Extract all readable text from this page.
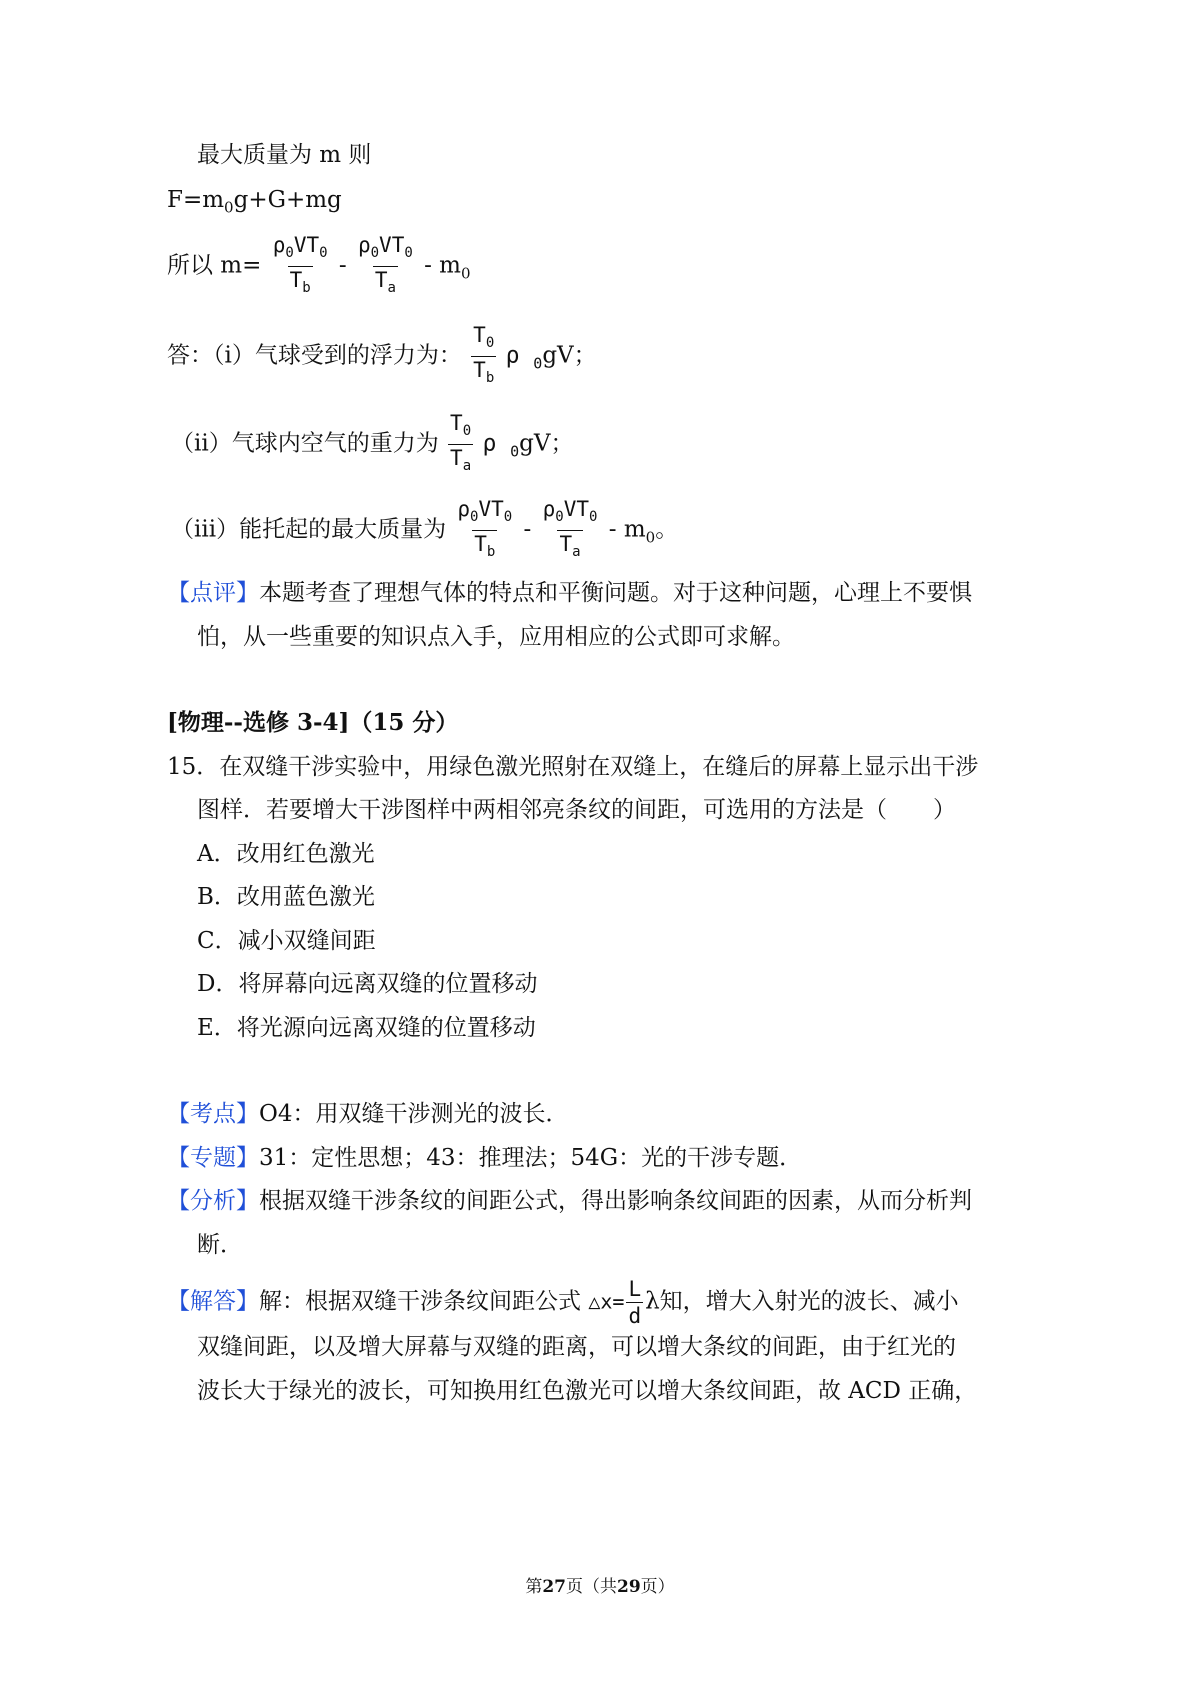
最大质量为 m 则
$F=m_0g+G+mg$
所以 $m= \frac{\rho_0VT_0}{T_b} - \frac{\rho_0VT_0}{T_a} - m_0$
答：（i）气球受到的浮力为： $\frac{T_0}{T_b}$ ρ $_0$gV；
（ii）气球内空气的重力为 $\frac{T_0}{T_a}$ ρ $_0$gV；
（iii）能托起的最大质量为 $\frac{\rho_0VT_0}{T_b} - \frac{\rho_0VT_0}{T_a} - m_0$。
【点评】本题考查了理想气体的特点和平衡问题。对于这种问题，心理上不要惧
怕，从一些重要的知识点入手，应用相应的公式即可求解。
[物理--选修 3-4]（15 分）
15．在双缝干涉实验中，用绿色激光照射在双缝上，在缝后的屏幕上显示出干涉
图样．若要增大干涉图样中两相邻亮条纹的间距，可选用的方法是（　　）
A．改用红色激光
B．改用蓝色激光
C．减小双缝间距
D．将屏幕向远离双缝的位置移动
E．将光源向远离双缝的位置移动
【考点】O4：用双缝干涉测光的波长．
【专题】31：定性思想；43：推理法；54G：光的干涉专题．
【分析】根据双缝干涉条纹的间距公式，得出影响条纹间距的因素，从而分析判
断．
【解答】解：根据双缝干涉条纹间距公式 △x= $\frac{L}{d}$ λ知，增大入射光的波长、减小
双缝间距，以及增大屏幕与双缝的距离，可以增大条纹的间距，由于红光的
波长大于绿光的波长，可知换用红色激光可以增大条纹间距，故 ACD 正确，
第27页（共29页）
